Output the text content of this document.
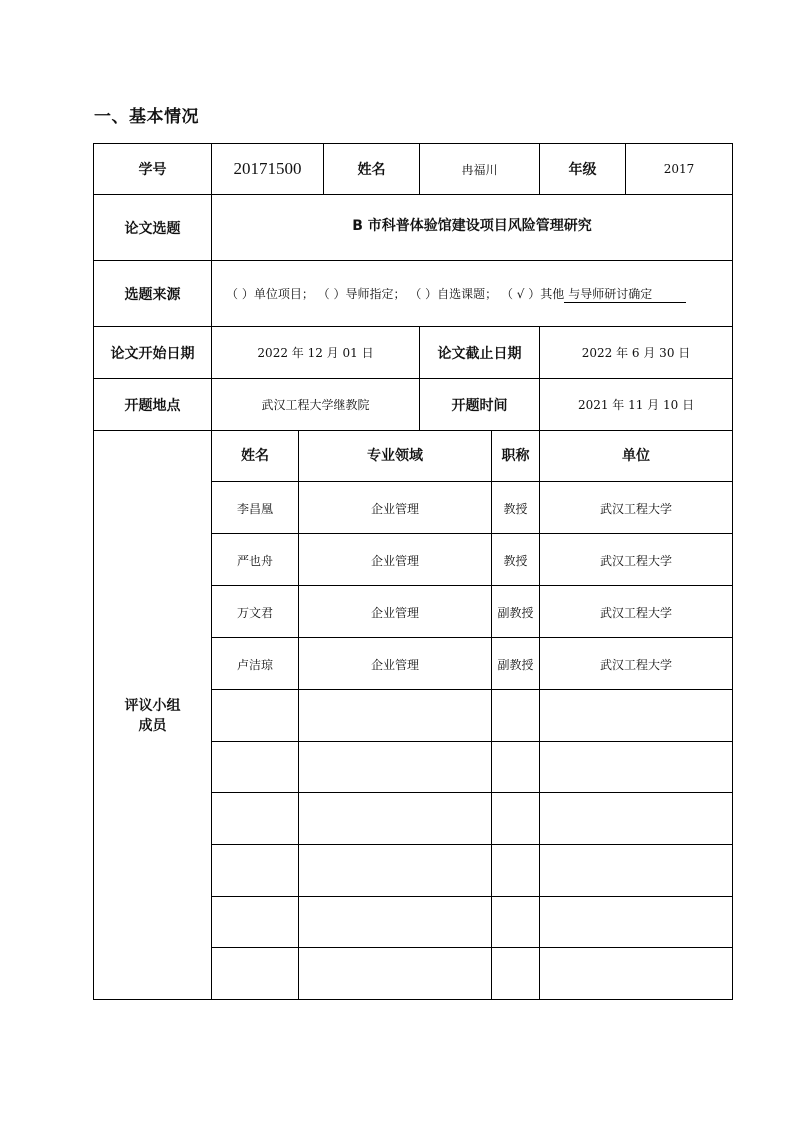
一、基本情况
学号	20171500		姓名	冉福川		年级	2017
论文选题	B 市科普体验馆建设项目风险管理研究						
选题来源	（ ）单位项目； （ ）导师指定； （ ）自选课题； （ √ ）其他 与导师研讨确定						
论文开始日期	2022 年 12 月 01 日			论文截止日期		2022 年 6 月 30 日	
开题地点	武汉工程大学继教院			开题时间		2021 年 11 月 10 日	

评议小组
成员	姓名	专业领域			职称	单位	
	李昌凰	企业管理			教授	武汉工程大学	
	严也舟	企业管理			教授	武汉工程大学	
	万文君	企业管理			副教授	武汉工程大学	
	卢洁琼	企业管理			副教授	武汉工程大学	
